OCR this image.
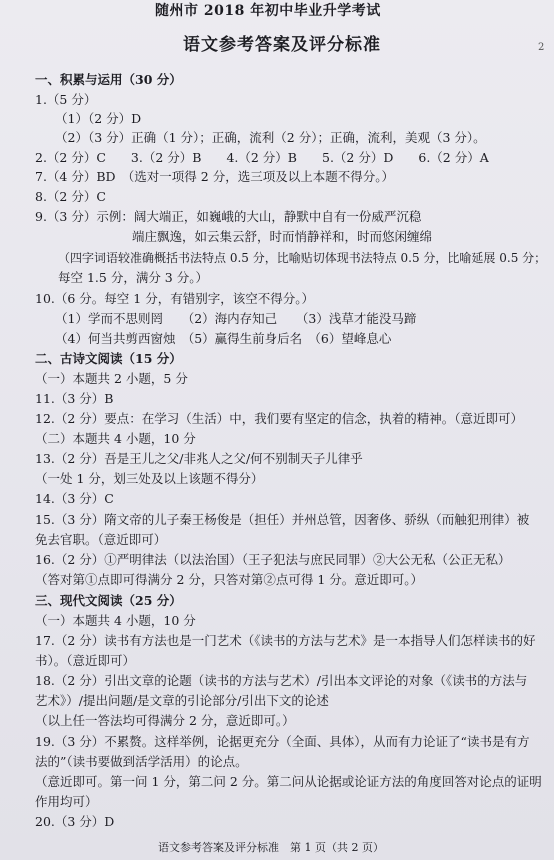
随州市 2018 年初中毕业升学考试
语文参考答案及评分标准	2
一、积累与运用（30 分）
1.（5 分）
（1）（2 分）D
（2）（3 分）正确（1 分）；正确，流利（2 分）；正确，流利，美观（3 分）。
2.（2 分）C　　3.（2 分）B　　4.（2 分）B　　5.（2 分）D　　6.（2 分）A
7.（4 分）BD　（选对一项得 2 分，选三项及以上本题不得分。）
8.（2 分）C
9.（3 分）示例：阔大端正，如巍峨的大山，静默中自有一份威严沉稳
端庄飘逸，如云集云舒，时而悄静祥和，时而悠闲缠绵
（四字词语较准确概括书法特点 0.5 分，比喻贴切体现书法特点 0.5 分，比喻延展 0.5 分；
每空 1.5 分，满分 3 分。）
10.（6 分。每空 1 分，有错别字，该空不得分。）
（1）学而不思则罔　　（2）海内存知己　　（3）浅草才能没马蹄
（4）何当共剪西窗烛　（5）赢得生前身后名　（6）望峰息心
二、古诗文阅读（15 分）
（一）本题共 2 小题，5 分
11.（3 分）B
12.（2 分）要点：在学习（生活）中，我们要有坚定的信念，执着的精神。（意近即可）
（二）本题共 4 小题，10 分
13.（2 分）吾是王儿之父/非兆人之父/何不别制天子儿律乎
（一处 1 分，划三处及以上该题不得分）
14.（3 分）C
15.（3 分）隋文帝的儿子秦王杨俊是（担任）并州总管，因奢侈、骄纵（而触犯刑律）被
免去官职。（意近即可）
16.（2 分）①严明律法（以法治国）（王子犯法与庶民同罪）②大公无私（公正无私）
（答对第①点即可得满分 2 分，只答对第②点可得 1 分。意近即可。）
三、现代文阅读（25 分）
（一）本题共 4 小题，10 分
17.（2 分）读书有方法也是一门艺术（《读书的方法与艺术》是一本指导人们怎样读书的好
书）。（意近即可）
18.（2 分）引出文章的论题（读书的方法与艺术）/引出本文评论的对象（《读书的方法与
艺术》）/提出问题/是文章的引论部分/引出下文的论述
（以上任一答法均可得满分 2 分，意近即可。）
19.（3 分）不累赘。这样举例，论据更充分（全面、具体），从而有力论证了“读书是有方
法的”（读书要做到活学活用）的论点。
（意近即可。第一问 1 分，第二问 2 分。第二问从论据或论证方法的角度回答对论点的证明
作用均可）
20.（3 分）D
语文参考答案及评分标准　第 1 页（共 2 页）
